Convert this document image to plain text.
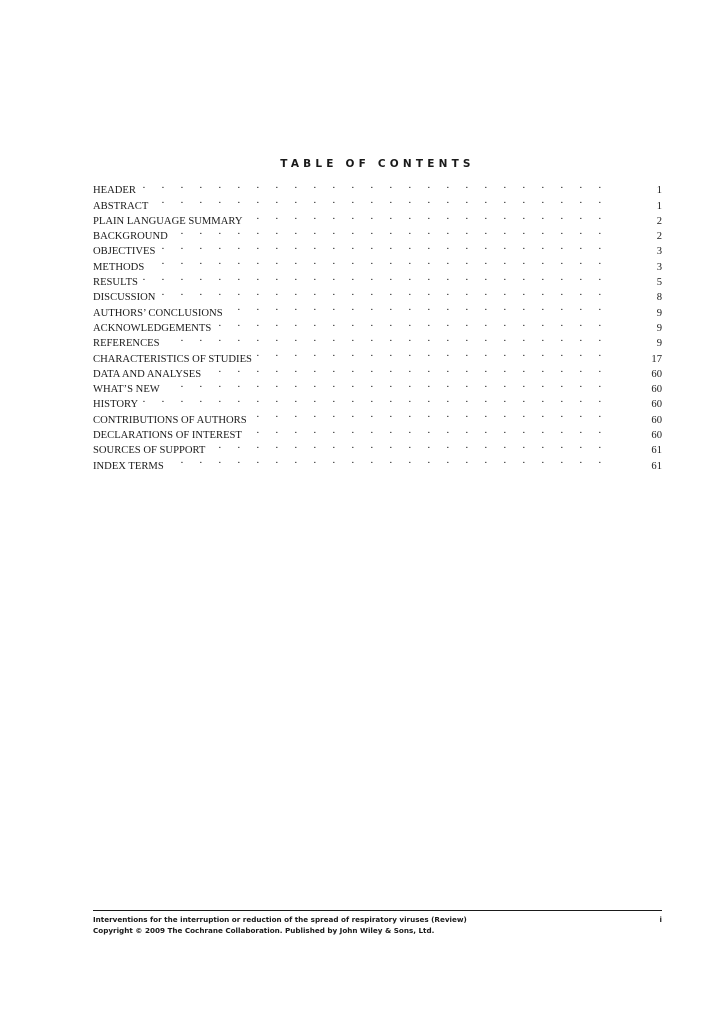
TABLE OF CONTENTS
HEADER . . .	1
ABSTRACT . . .	1
PLAIN LANGUAGE SUMMARY . . .	2
BACKGROUND . . .	2
OBJECTIVES . . .	3
METHODS . . .	3
RESULTS . . .	5
DISCUSSION . . .	8
AUTHORS’ CONCLUSIONS . . .	9
ACKNOWLEDGEMENTS . . .	9
REFERENCES . . .	9
CHARACTERISTICS OF STUDIES . . .	17
DATA AND ANALYSES . . .	60
WHAT’S NEW . . .	60
HISTORY . . .	60
CONTRIBUTIONS OF AUTHORS . . .	60
DECLARATIONS OF INTEREST . . .	60
SOURCES OF SUPPORT . . .	61
INDEX TERMS . . .	61
Interventions for the interruption or reduction of the spread of respiratory viruses (Review)	i
Copyright © 2009 The Cochrane Collaboration. Published by John Wiley & Sons, Ltd.
